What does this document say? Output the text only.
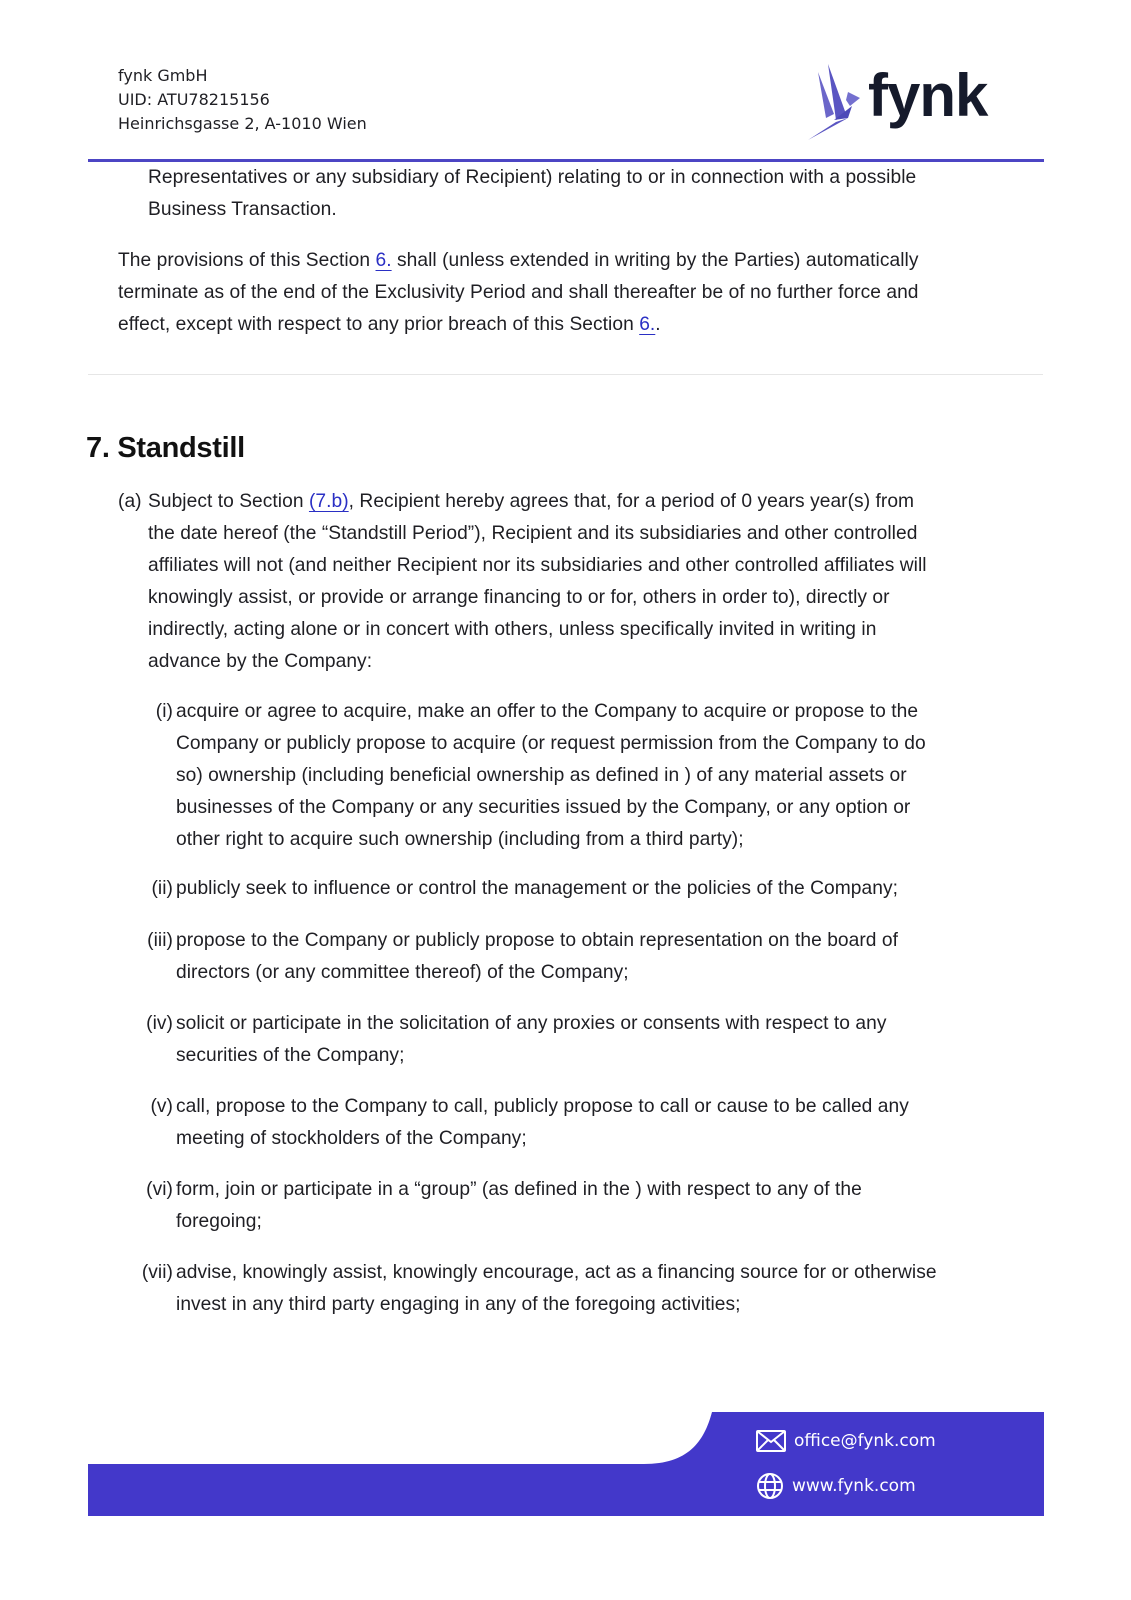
fynk GmbH
UID: ATU78215156
Heinrichsgasse 2, A-1010 Wien	fynk
Representatives or any subsidiary of Recipient) relating to or in connection with a possible
Business Transaction.
The provisions of this Section 6. shall (unless extended in writing by the Parties) automatically
terminate as of the end of the Exclusivity Period and shall thereafter be of no further force and
effect, except with respect to any prior breach of this Section 6..
7. Standstill
(a) Subject to Section (7.b), Recipient hereby agrees that, for a period of 0 years year(s) from
the date hereof (the “Standstill Period”), Recipient and its subsidiaries and other controlled
affiliates will not (and neither Recipient nor its subsidiaries and other controlled affiliates will
knowingly assist, or provide or arrange financing to or for, others in order to), directly or
indirectly, acting alone or in concert with others, unless specifically invited in writing in
advance by the Company:
(i) acquire or agree to acquire, make an offer to the Company to acquire or propose to the
Company or publicly propose to acquire (or request permission from the Company to do
so) ownership (including beneficial ownership as defined in ) of any material assets or
businesses of the Company or any securities issued by the Company, or any option or
other right to acquire such ownership (including from a third party);
(ii) publicly seek to influence or control the management or the policies of the Company;
(iii) propose to the Company or publicly propose to obtain representation on the board of
directors (or any committee thereof) of the Company;
(iv) solicit or participate in the solicitation of any proxies or consents with respect to any
securities of the Company;
(v) call, propose to the Company to call, publicly propose to call or cause to be called any
meeting of stockholders of the Company;
(vi) form, join or participate in a “group” (as defined in the ) with respect to any of the
foregoing;
(vii) advise, knowingly assist, knowingly encourage, act as a financing source for or otherwise
invest in any third party engaging in any of the foregoing activities;
office@fynk.com
www.fynk.com
